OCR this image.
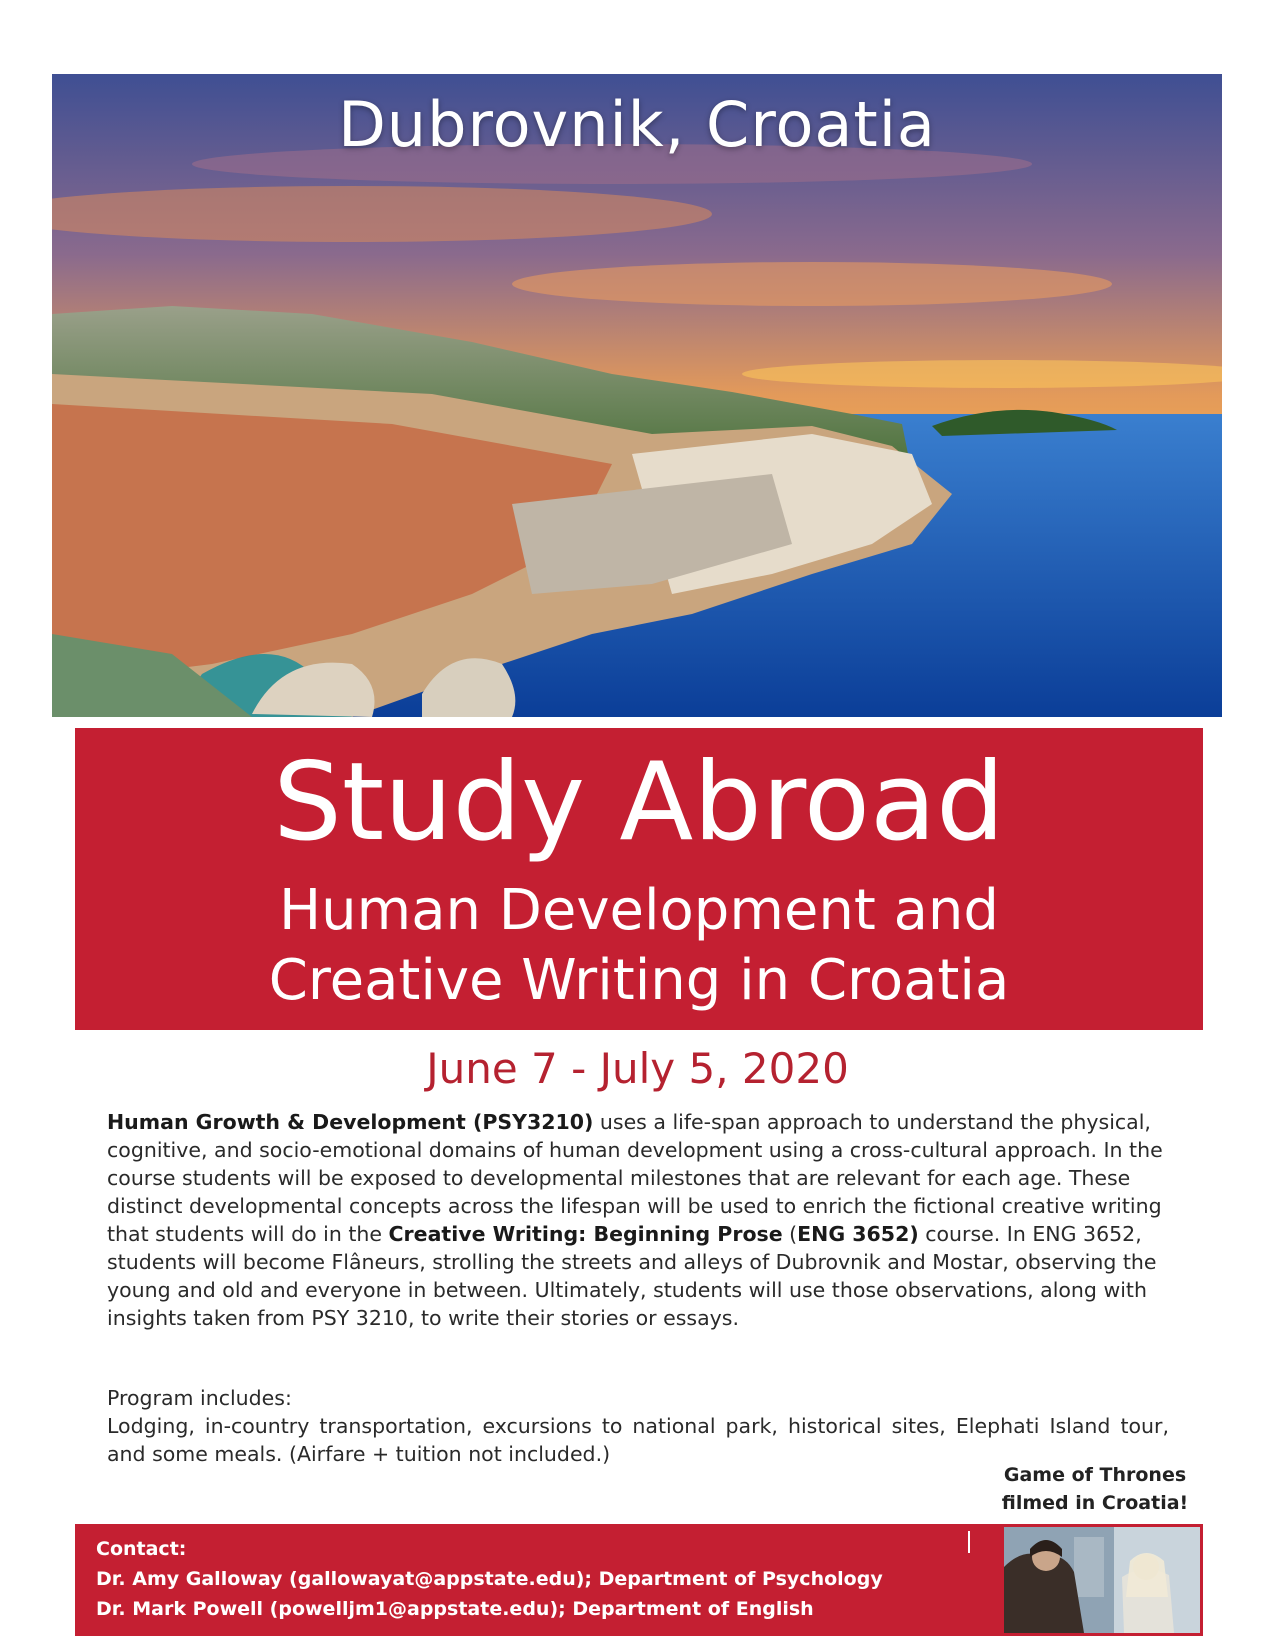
Dubrovnik, Croatia
Study Abroad
Human Development and
Creative Writing in Croatia
June 7 - July 5, 2020
Human Growth & Development (PSY3210) uses a life-span approach to understand the physical, cognitive, and socio-emotional domains of human development using a cross-cultural approach. In the course students will be exposed to developmental milestones that are relevant for each age. These distinct developmental concepts across the lifespan will be used to enrich the fictional creative writing that students will do in the Creative Writing: Beginning Prose (ENG 3652) course. In ENG 3652, students will become Flâneurs, strolling the streets and alleys of Dubrovnik and Mostar, observing the young and old and everyone in between. Ultimately, students will use those observations, along with insights taken from PSY 3210, to write their stories or essays.
Program includes:
Lodging, in-country transportation, excursions to national park, historical sites, Elephati Island tour, and some meals. (Airfare + tuition not included.)
Game of Thrones
filmed in Croatia!
Contact:
Dr. Amy Galloway (gallowayat@appstate.edu); Department of Psychology
Dr. Mark Powell (powelljm1@appstate.edu); Department of English
